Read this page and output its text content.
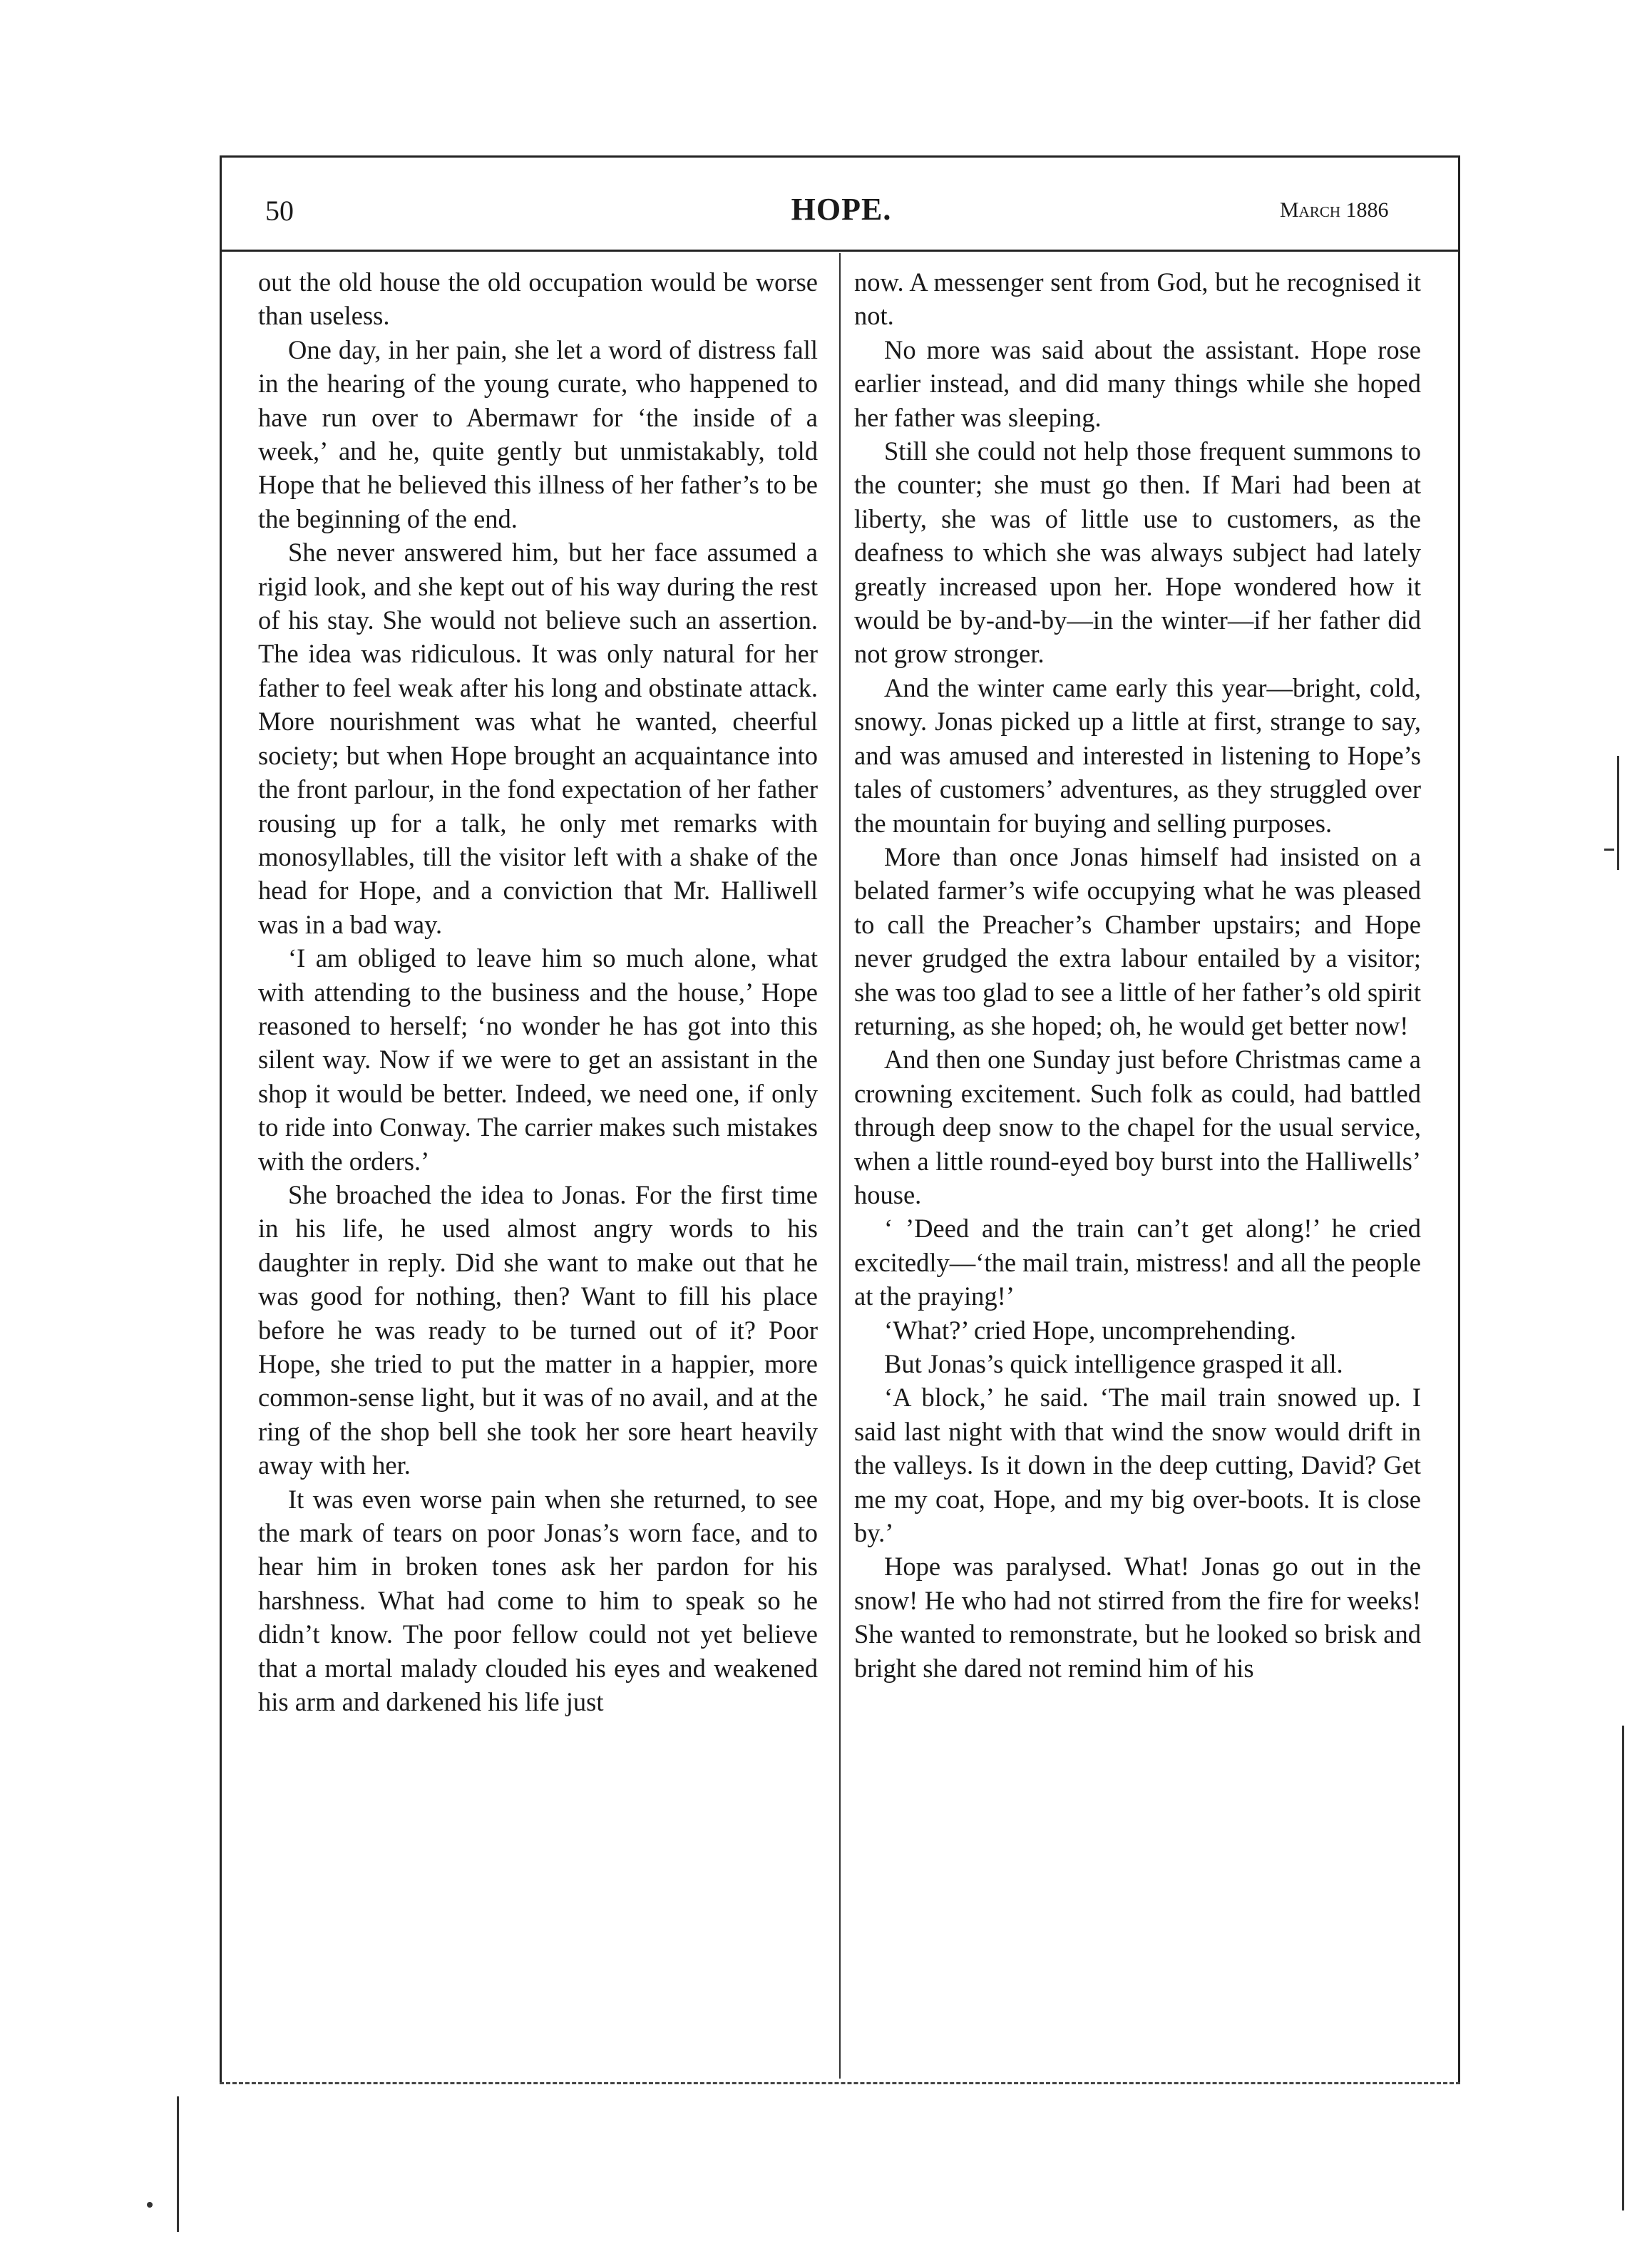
50	HOPE.	March 1886

out the old house the old occupation would be worse than useless.

One day, in her pain, she let a word of distress fall in the hearing of the young curate, who happened to have run over to Abermawr for ‘the inside of a week,’ and he, quite gently but unmistakably, told Hope that he believed this illness of her father’s to be the beginning of the end.

She never answered him, but her face assumed a rigid look, and she kept out of his way during the rest of his stay. She would not believe such an assertion. The idea was ridiculous. It was only natural for her father to feel weak after his long and obstinate attack. More nourishment was what he wanted, cheerful society; but when Hope brought an acquaintance into the front parlour, in the fond expectation of her father rousing up for a talk, he only met remarks with monosyllables, till the visitor left with a shake of the head for Hope, and a conviction that Mr. Halliwell was in a bad way.

‘I am obliged to leave him so much alone, what with attending to the business and the house,’ Hope reasoned to herself; ‘no wonder he has got into this silent way. Now if we were to get an assistant in the shop it would be better. Indeed, we need one, if only to ride into Conway. The carrier makes such mistakes with the orders.’

She broached the idea to Jonas. For the first time in his life, he used almost angry words to his daughter in reply. Did she want to make out that he was good for nothing, then? Want to fill his place before he was ready to be turned out of it? Poor Hope, she tried to put the matter in a happier, more common-sense light, but it was of no avail, and at the ring of the shop bell she took her sore heart heavily away with her.

It was even worse pain when she returned, to see the mark of tears on poor Jonas’s worn face, and to hear him in broken tones ask her pardon for his harshness. What had come to him to speak so he didn’t know. The poor fellow could not yet believe that a mortal malady clouded his eyes and weakened his arm and darkened his life just

now. A messenger sent from God, but he recognised it not.

No more was said about the assistant. Hope rose earlier instead, and did many things while she hoped her father was sleeping.

Still she could not help those frequent summons to the counter; she must go then. If Mari had been at liberty, she was of little use to customers, as the deafness to which she was always subject had lately greatly increased upon her. Hope wondered how it would be by-and-by—in the winter—if her father did not grow stronger.

And the winter came early this year—bright, cold, snowy. Jonas picked up a little at first, strange to say, and was amused and interested in listening to Hope’s tales of customers’ adventures, as they struggled over the mountain for buying and selling purposes.

More than once Jonas himself had insisted on a belated farmer’s wife occupying what he was pleased to call the Preacher’s Chamber upstairs; and Hope never grudged the extra labour entailed by a visitor; she was too glad to see a little of her father’s old spirit returning, as she hoped; oh, he would get better now!

And then one Sunday just before Christmas came a crowning excitement. Such folk as could, had battled through deep snow to the chapel for the usual service, when a little round-eyed boy burst into the Halliwells’ house.

‘ ’Deed and the train can’t get along!’ he cried excitedly—‘the mail train, mistress! and all the people at the praying!’

‘What?’ cried Hope, uncomprehending.

But Jonas’s quick intelligence grasped it all.

‘A block,’ he said. ‘The mail train snowed up. I said last night with that wind the snow would drift in the valleys. Is it down in the deep cutting, David? Get me my coat, Hope, and my big over-boots. It is close by.’

Hope was paralysed. What! Jonas go out in the snow! He who had not stirred from the fire for weeks! She wanted to remonstrate, but he looked so brisk and bright she dared not remind him of his
